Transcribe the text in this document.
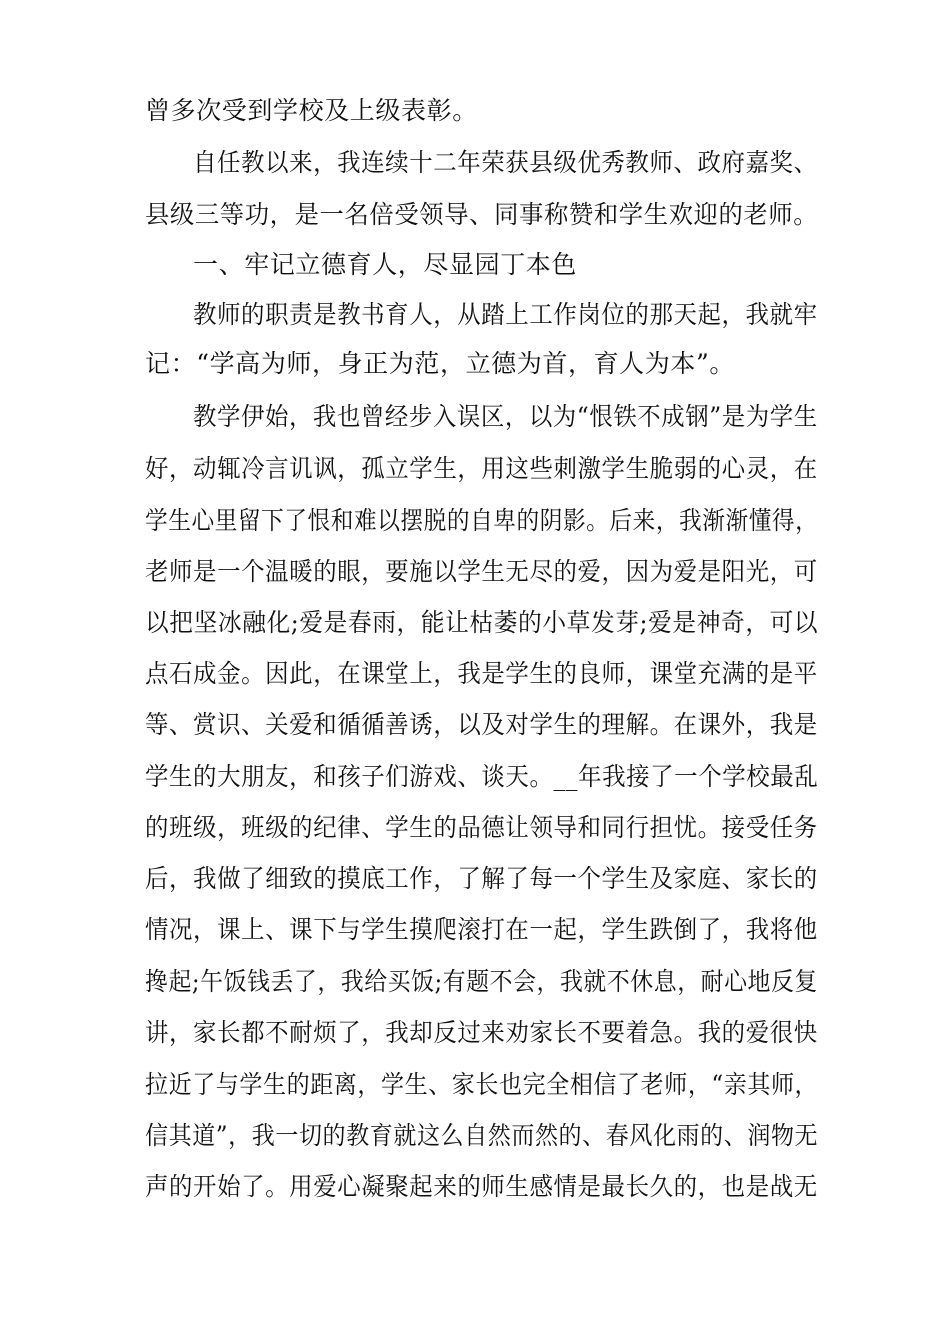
曾多次受到学校及上级表彰。
自任教以来，我连续十二年荣获县级优秀教师、政府嘉奖、
县级三等功，是一名倍受领导、同事称赞和学生欢迎的老师。
一、牢记立德育人，尽显园丁本色
教师的职责是教书育人，从踏上工作岗位的那天起，我就牢
记：“学高为师，身正为范，立德为首，育人为本”。
教学伊始，我也曾经步入误区，以为“恨铁不成钢”是为学生
好，动辄冷言讥讽，孤立学生，用这些刺激学生脆弱的心灵，在
学生心里留下了恨和难以摆脱的自卑的阴影。后来，我渐渐懂得，
老师是一个温暖的眼，要施以学生无尽的爱，因为爱是阳光，可
以把坚冰融化;爱是春雨，能让枯萎的小草发芽;爱是神奇，可以
点石成金。因此，在课堂上，我是学生的良师，课堂充满的是平
等、赏识、关爱和循循善诱，以及对学生的理解。在课外，我是
学生的大朋友，和孩子们游戏、谈天。__年我接了一个学校最乱
的班级，班级的纪律、学生的品德让领导和同行担忧。接受任务
后，我做了细致的摸底工作，了解了每一个学生及家庭、家长的
情况，课上、课下与学生摸爬滚打在一起，学生跌倒了，我将他
搀起;午饭钱丢了，我给买饭;有题不会，我就不休息，耐心地反复
讲，家长都不耐烦了，我却反过来劝家长不要着急。我的爱很快
拉近了与学生的距离，学生、家长也完全相信了老师，“亲其师，
信其道”，我一切的教育就这么自然而然的、春风化雨的、润物无
声的开始了。用爱心凝聚起来的师生感情是最长久的，也是战无
